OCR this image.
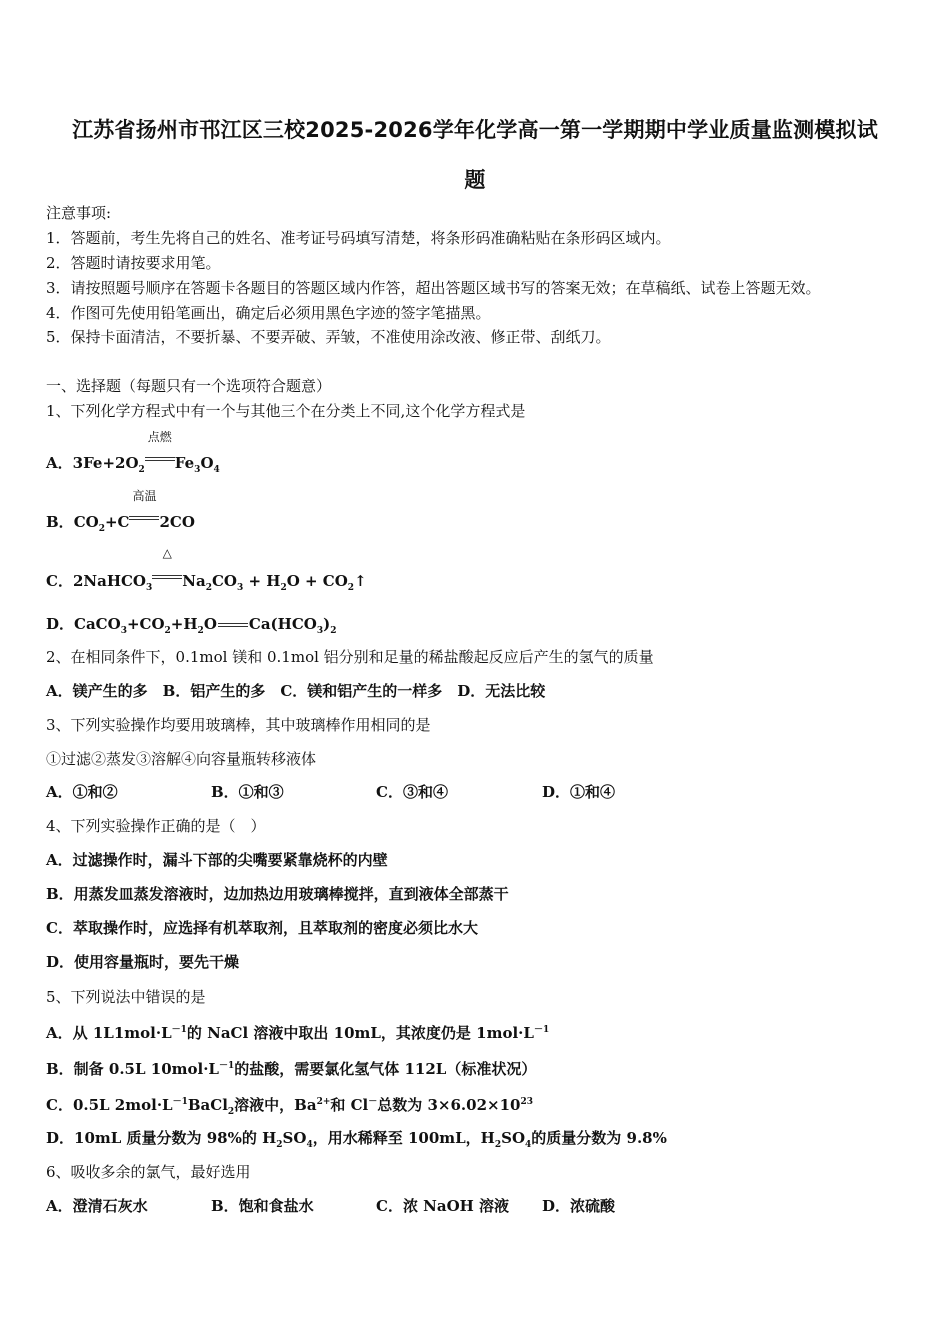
江苏省扬州市邗江区三校2025-2026学年化学高一第一学期期中学业质量监测模拟试
题
注意事项:
1．答题前，考生先将自己的姓名、准考证号码填写清楚，将条形码准确粘贴在条形码区域内。
2．答题时请按要求用笔。
3．请按照题号顺序在答题卡各题目的答题区域内作答，超出答题区域书写的答案无效；在草稿纸、试卷上答题无效。
4．作图可先使用铅笔画出，确定后必须用黑色字迹的签字笔描黑。
5．保持卡面清洁，不要折暴、不要弄破、弄皱，不准使用涂改液、修正带、刮纸刀。
一、选择题（每题只有一个选项符合题意）
1、下列化学方程式中有一个与其他三个在分类上不同,这个化学方程式是
A．$3Fe+2O_2$
点燃
$Fe_3O_4$
B．$CO_2+C$
高温
2CO
C．2NaHCO$_3$
△
$Na_2CO_3 + H_2O$ + $CO_2↑$
D．$CaCO_3+CO_2+H_2O$ $Ca(HCO_3)_2$
2、在相同条件下，0.1mol 镁和 0.1mol 铝分别和足量的稀盐酸起反应后产生的氢气的质量
A．镁产生的多　B．铝产生的多　C．镁和铝产生的一样多　D．无法比较
3、下列实验操作均要用玻璃棒，其中玻璃棒作用相同的是
①过滤②蒸发③溶解④向容量瓶转移液体
A．①和②	B．①和③	C．③和④	D．①和④
4、下列实验操作正确的是（　）
A．过滤操作时，漏斗下部的尖嘴要紧靠烧杯的内壁
B．用蒸发皿蒸发溶液时，边加热边用玻璃棒搅拌，直到液体全部蒸干
C．萃取操作时，应选择有机萃取剂，且萃取剂的密度必须比水大
D．使用容量瓶时，要先干燥
5、下列说法中错误的是
A．从 $1L1mol\cdot L^{-1}$的 NaCl 溶液中取出 10mL，其浓度仍是 $1mol\cdot L^{-1}$
B．制备 0.5L $10mol\cdot L^{-1}$的盐酸，需要氯化氢气体 112L（标准状况）
C．0.5L $2mol\cdot L^{-1}BaCl_2$溶液中，$Ba^{2+}$和 Cl－总数为 $3\times 6.02\times 10^{23}$
D．10mL 质量分数为 98%的 $H_2SO_4$，用水稀释至 100mL，$H_2SO_4$的质量分数为 9.8%
6、吸收多余的氯气，最好选用
A．澄清石灰水	B．饱和食盐水	C．浓 NaOH 溶液 D．浓硫酸
